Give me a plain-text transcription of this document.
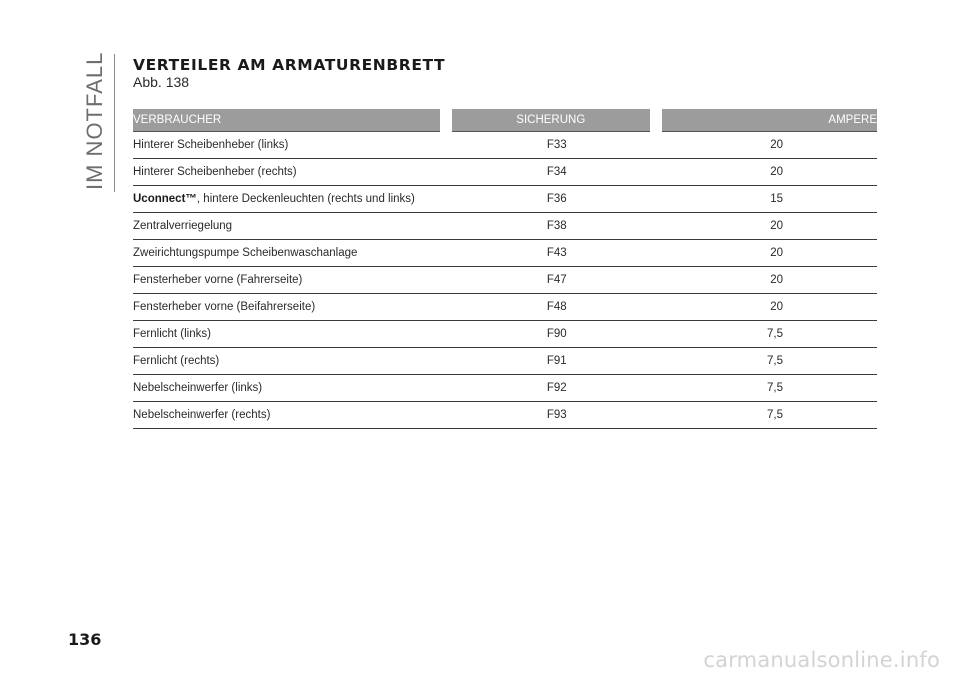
IM NOTFALL VERTEILER AM ARMATURENBRETT
Abb. 138
VERBRAUCHER	SICHERUNG	AMPERE
Hinterer Scheibenheber (links)	F33	20
Hinterer Scheibenheber (rechts)	F34	20
Uconnect™, hintere Deckenleuchten (rechts und links)	F36	15
Zentralverriegelung	F38	20
Zweirichtungspumpe Scheibenwaschanlage	F43	20
Fensterheber vorne (Fahrerseite)	F47	20
Fensterheber vorne (Beifahrerseite)	F48	20
Fernlicht (links)	F90	7,5
Fernlicht (rechts)	F91	7,5
Nebelscheinwerfer (links)	F92	7,5
Nebelscheinwerfer (rechts)	F93	7,5
136
carmanualsonline.info
